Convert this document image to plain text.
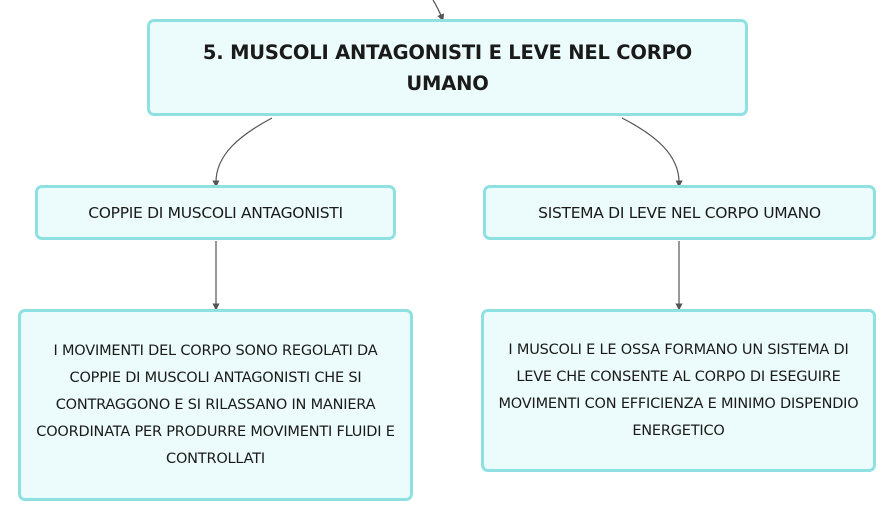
5. MUSCOLI ANTAGONISTI E LEVE NEL CORPO UMANO
COPPIE DI MUSCOLI ANTAGONISTI	SISTEMA DI LEVE NEL CORPO UMANO
I MOVIMENTI DEL CORPO SONO REGOLATI DA COPPIE DI MUSCOLI ANTAGONISTI CHE SI CONTRAGGONO E SI RILASSANO IN MANIERA COORDINATA PER PRODURRE MOVIMENTI FLUIDI E CONTROLLATI
I MUSCOLI E LE OSSA FORMANO UN SISTEMA DI LEVE CHE CONSENTE AL CORPO DI ESEGUIRE MOVIMENTI CON EFFICIENZA E MINIMO DISPENDIO ENERGETICO
